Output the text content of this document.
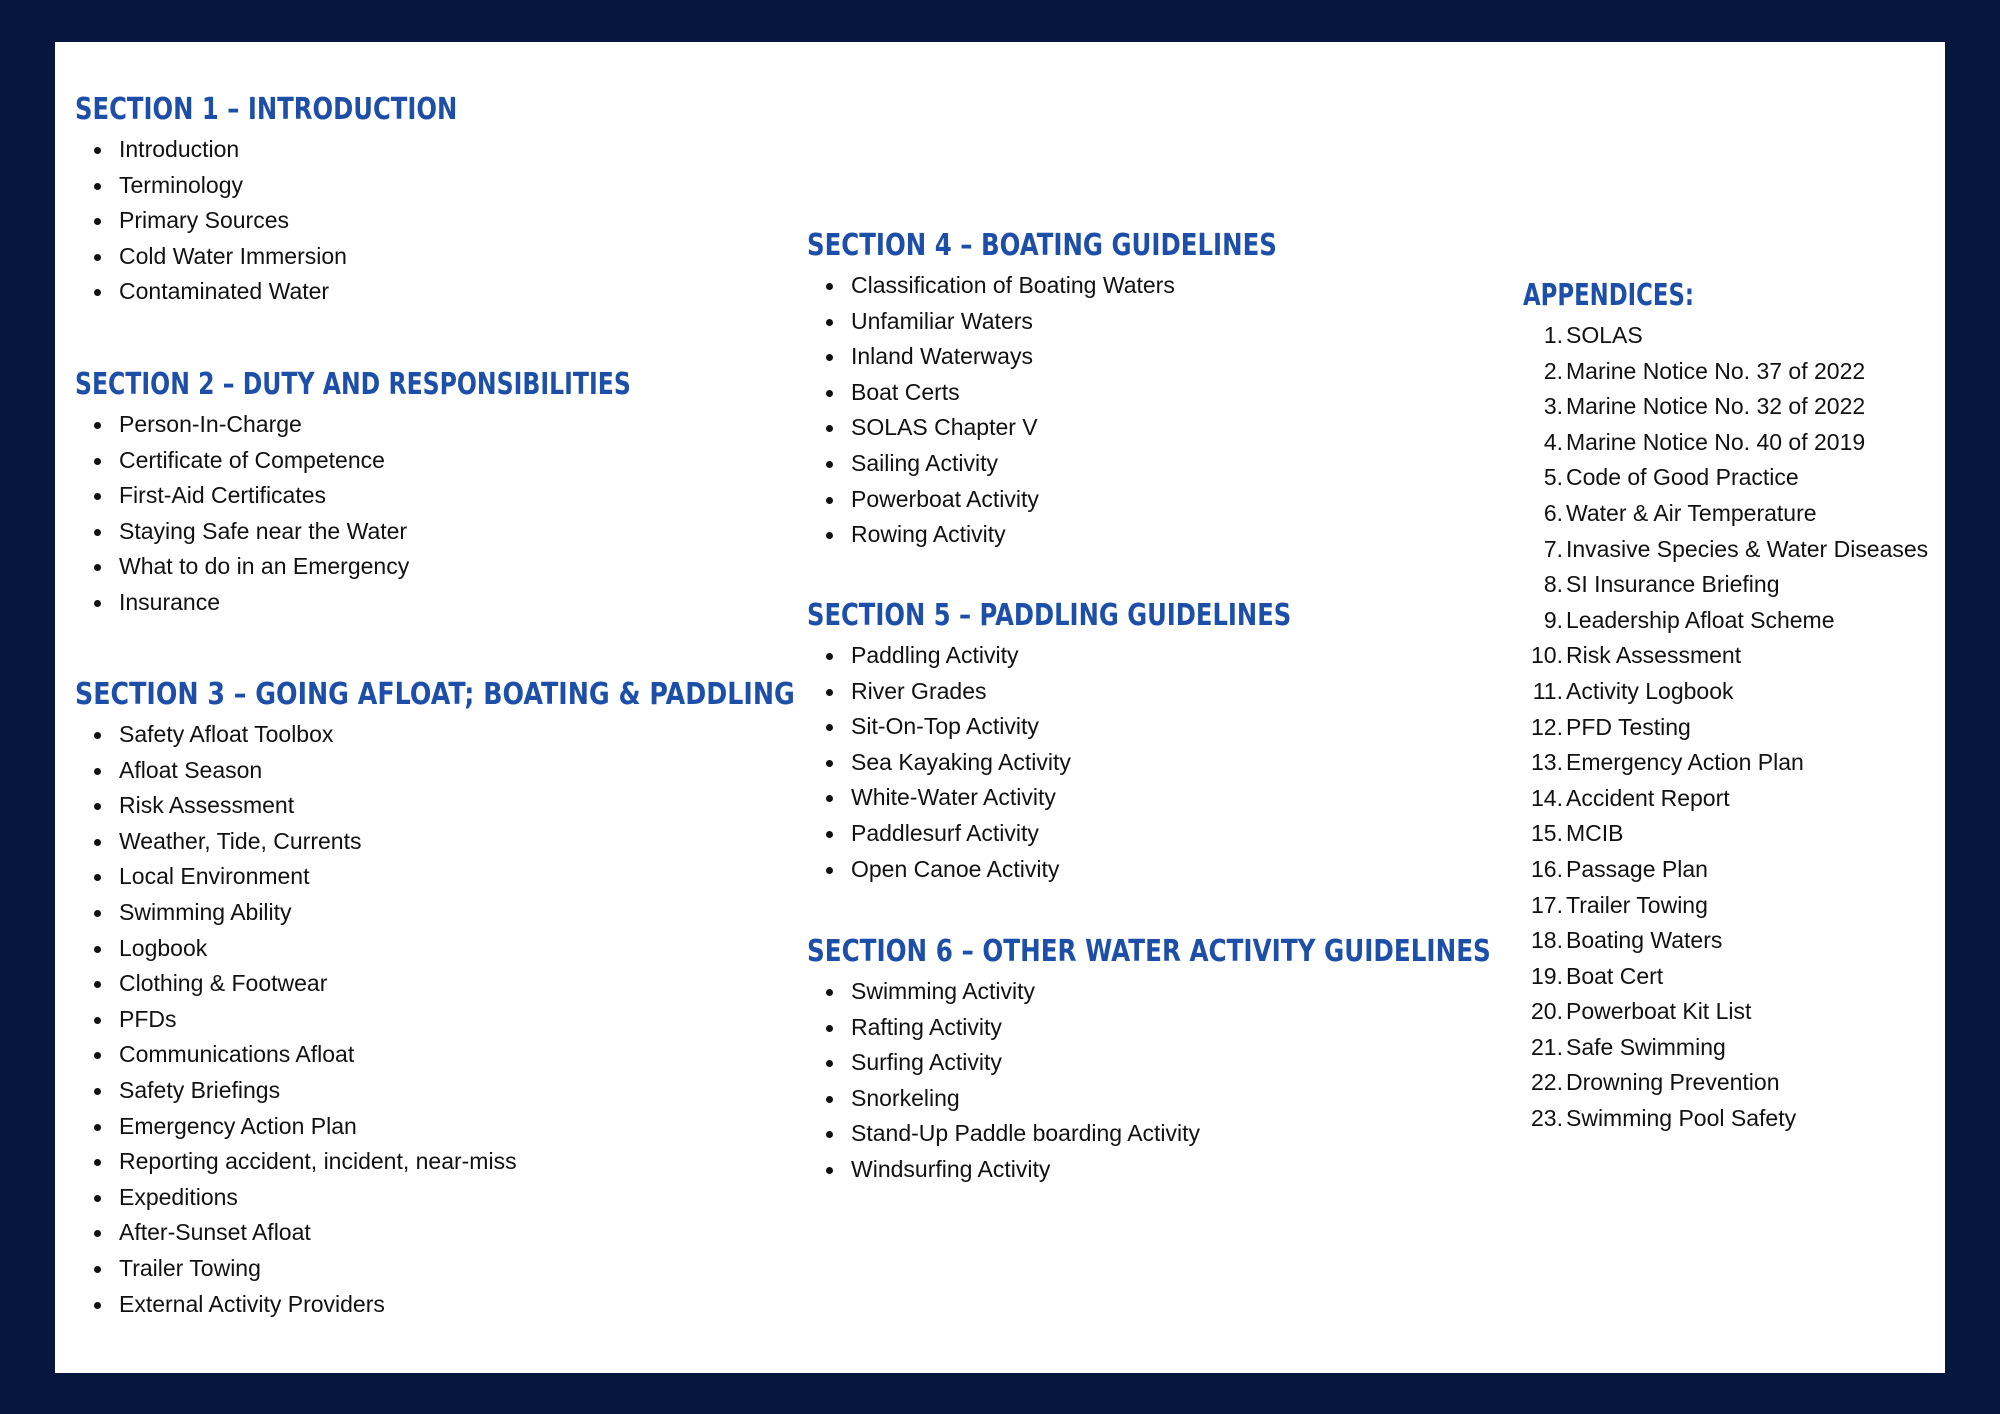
SECTION 1 – INTRODUCTION
Introduction
Terminology
Primary Sources
Cold Water Immersion
Contaminated Water
SECTION 2 – DUTY AND RESPONSIBILITIES
Person-In-Charge
Certificate of Competence
First-Aid Certificates
Staying Safe near the Water
What to do in an Emergency
Insurance
SECTION 3 – GOING AFLOAT; BOATING & PADDLING
Safety Afloat Toolbox
Afloat Season
Risk Assessment
Weather, Tide, Currents
Local Environment
Swimming Ability
Logbook
Clothing & Footwear
PFDs
Communications Afloat
Safety Briefings
Emergency Action Plan
Reporting accident, incident, near-miss
Expeditions
After-Sunset Afloat
Trailer Towing
External Activity Providers
SECTION 4 – BOATING GUIDELINES
Classification of Boating Waters
Unfamiliar Waters
Inland Waterways
Boat Certs
SOLAS Chapter V
Sailing Activity
Powerboat Activity
Rowing Activity
SECTION 5 – PADDLING GUIDELINES
Paddling Activity
River Grades
Sit-On-Top Activity
Sea Kayaking Activity
White-Water Activity
Paddlesurf Activity
Open Canoe Activity
SECTION 6 – OTHER WATER ACTIVITY GUIDELINES
Swimming Activity
Rafting Activity
Surfing Activity
Snorkeling
Stand-Up Paddle boarding Activity
Windsurfing Activity
APPENDICES:
1. SOLAS
2. Marine Notice No. 37 of 2022
3. Marine Notice No. 32 of 2022
4. Marine Notice No. 40 of 2019
5. Code of Good Practice
6. Water & Air Temperature
7. Invasive Species & Water Diseases
8. SI Insurance Briefing
9. Leadership Afloat Scheme
10. Risk Assessment
11. Activity Logbook
12. PFD Testing
13. Emergency Action Plan
14. Accident Report
15. MCIB
16. Passage Plan
17. Trailer Towing
18. Boating Waters
19. Boat Cert
20. Powerboat Kit List
21. Safe Swimming
22. Drowning Prevention
23. Swimming Pool Safety
